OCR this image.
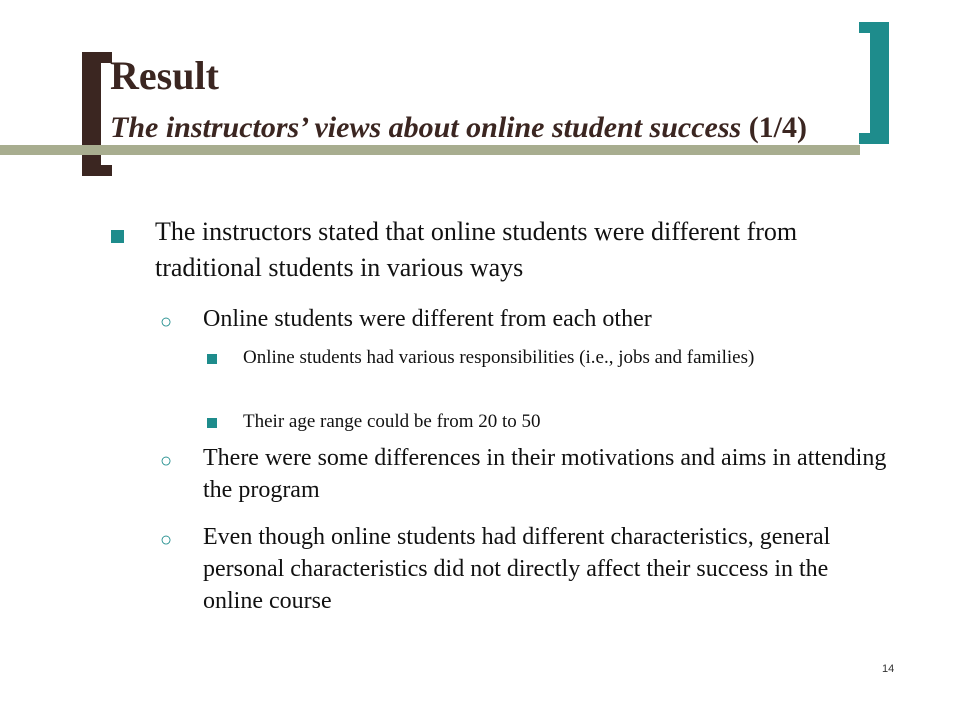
Result
The instructors’ views about online student success (1/4)
The instructors stated that online students were different from traditional students in various ways
○ Online students were different from each other
Online students had various responsibilities (i.e., jobs and families)
Their age range could be from 20 to 50
○ There were some differences in their motivations and aims in attending the program
○ Even though online students had different characteristics, general personal characteristics did not directly affect their success in the online course
14
